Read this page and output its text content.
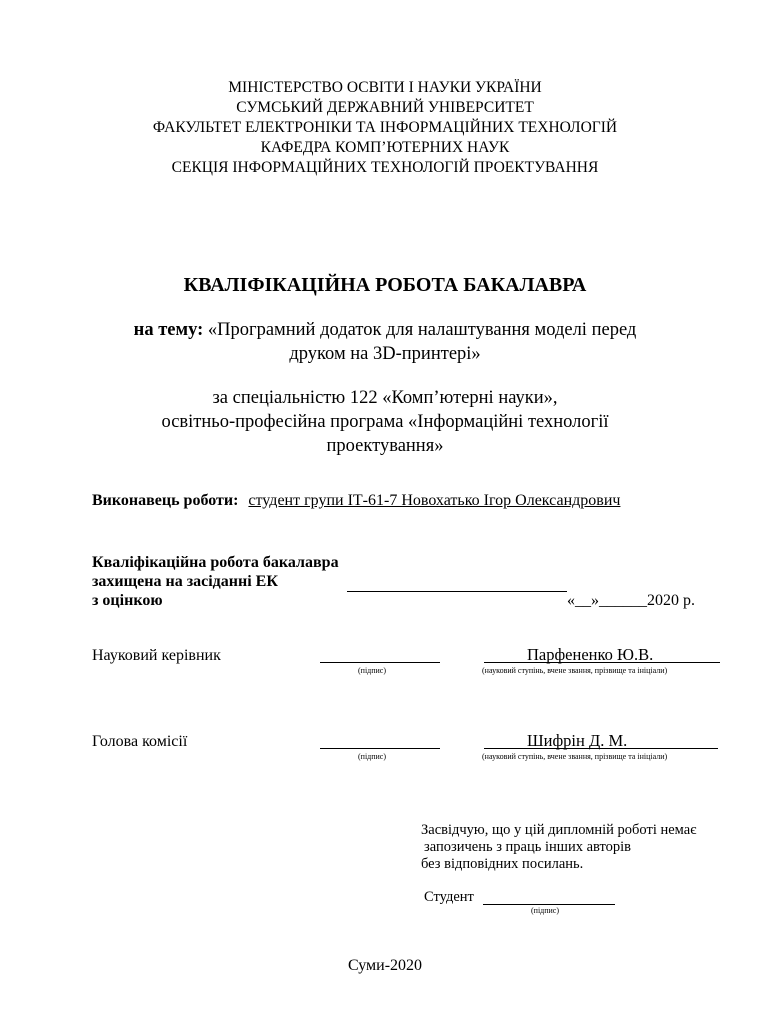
МІНІСТЕРСТВО ОСВІТИ І НАУКИ УКРАЇНИ
СУМСЬКИЙ ДЕРЖАВНИЙ УНІВЕРСИТЕТ
ФАКУЛЬТЕТ ЕЛЕКТРОНІКИ ТА ІНФОРМАЦІЙНИХ ТЕХНОЛОГІЙ
КАФЕДРА КОМП’ЮТЕРНИХ НАУК
СЕКЦІЯ ІНФОРМАЦІЙНИХ ТЕХНОЛОГІЙ ПРОЕКТУВАННЯ
КВАЛІФІКАЦІЙНА РОБОТА БАКАЛАВРА
на тему: «Програмний додаток для налаштування моделі перед
друком на 3D-принтері»
за спеціальністю 122 «Комп’ютерні науки»,
освітньо-професійна програма «Інформаційні технології
проектування»
Виконавець роботи: студент групи ІТ-61-7 Новохатько Ігор Олександрович
Кваліфікаційна робота бакалавра
захищена на засіданні ЕК
з оцінкою	«__»______2020 р.
Науковий керівник
(підпис)
Парфененко Ю.В.
(науковий ступінь, вчене звання, прізвище та ініціали)
Голова комісії
(підпис)
Шифрін Д. М.
(науковий ступінь, вчене звання, прізвище та ініціали)
Засвідчую, що у цій дипломній роботі немає
запозичень з праць інших авторів
без відповідних посилань.
Студент
(підпис)
Суми-2020
